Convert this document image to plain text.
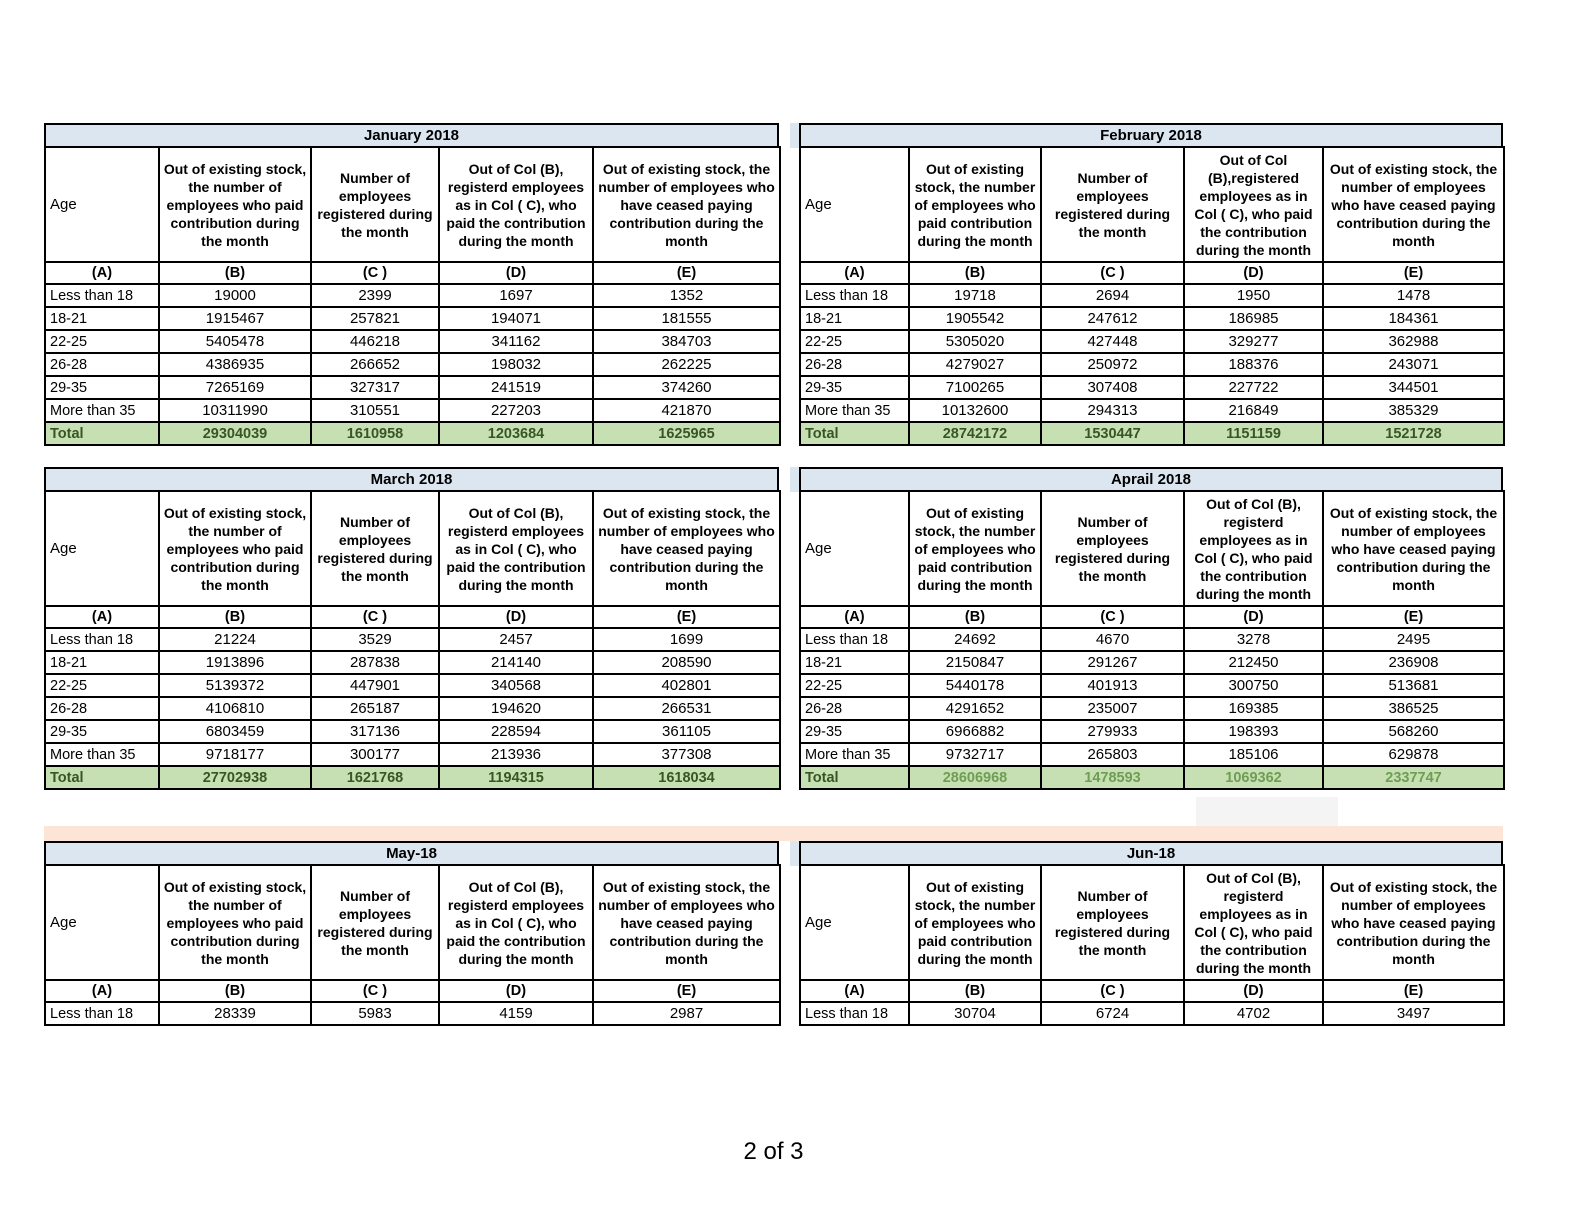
January 2018
Age	Out of existing stock, the number of employees who paid contribution during the month	Number of employees registered during the month	Out of Col (B), registerd employees as in Col ( C), who paid the contribution during the month	Out of existing stock, the number of employees who have ceased paying contribution during the month

(A)	(B)	(C )	(D)	(E)
Less than 18	19000	2399	1697	1352
18-21	1915467	257821	194071	181555
22-25	5405478	446218	341162	384703
26-28	4386935	266652	198032	262225
29-35	7265169	327317	241519	374260
More than 35	10311990	310551	227203	421870
Total	29304039	1610958	1203684	1625965
February 2018
Age	Out of existing stock, the number of employees who paid contribution during the month	Number of employees registered during the month	Out of Col (B),registered employees as in Col ( C), who paid the contribution during the month	Out of existing stock, the number of employees who have ceased paying contribution during the month

(A)	(B)	(C )	(D)	(E)
Less than 18	19718	2694	1950	1478
18-21	1905542	247612	186985	184361
22-25	5305020	427448	329277	362988
26-28	4279027	250972	188376	243071
29-35	7100265	307408	227722	344501
More than 35	10132600	294313	216849	385329
Total	28742172	1530447	1151159	1521728
March 2018
Age	Out of existing stock, the number of employees who paid contribution during the month	Number of employees registered during the month	Out of Col (B), registerd employees as in Col ( C), who paid the contribution during the month	Out of existing stock, the number of employees who have ceased paying contribution during the month

(A)	(B)	(C )	(D)	(E)
Less than 18	21224	3529	2457	1699
18-21	1913896	287838	214140	208590
22-25	5139372	447901	340568	402801
26-28	4106810	265187	194620	266531
29-35	6803459	317136	228594	361105
More than 35	9718177	300177	213936	377308
Total	27702938	1621768	1194315	1618034
Aprail 2018
Age	Out of existing stock, the number of employees who paid contribution during the month	Number of employees registered during the month	Out of Col (B), registerd employees as in Col ( C), who paid the contribution during the month	Out of existing stock, the number of employees who have ceased paying contribution during the month

(A)	(B)	(C )	(D)	(E)
Less than 18	24692	4670	3278	2495
18-21	2150847	291267	212450	236908
22-25	5440178	401913	300750	513681
26-28	4291652	235007	169385	386525
29-35	6966882	279933	198393	568260
More than 35	9732717	265803	185106	629878
Total	28606968	1478593	1069362	2337747
May-18
Age	Out of existing stock, the number of employees who paid contribution during the month	Number of employees registered during the month	Out of Col (B), registerd employees as in Col ( C), who paid the contribution during the month	Out of existing stock, the number of employees who have ceased paying contribution during the month

(A)	(B)	(C )	(D)	(E)
Less than 18	28339	5983	4159	2987
Jun-18
Age	Out of existing stock, the number of employees who paid contribution during the month	Number of employees registered during the month	Out of Col (B), registerd employees as in Col ( C), who paid the contribution during the month	Out of existing stock, the number of employees who have ceased paying contribution during the month

(A)	(B)	(C )	(D)	(E)
Less than 18	30704	6724	4702	3497
2 of 3
